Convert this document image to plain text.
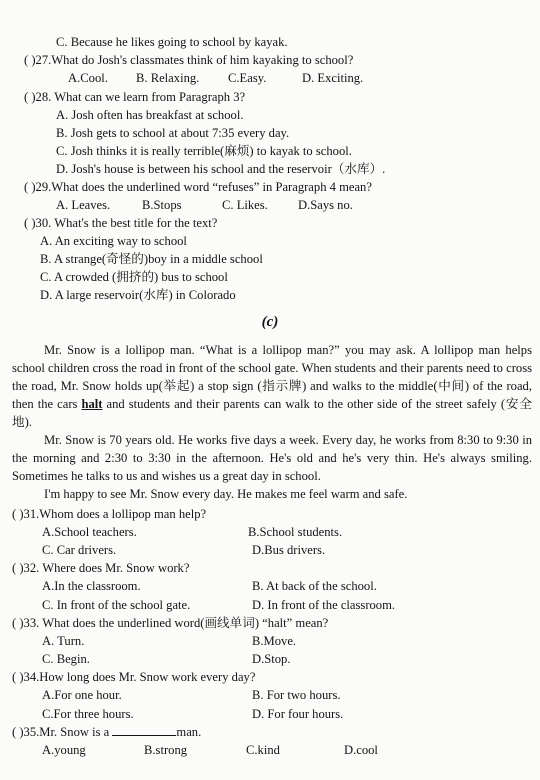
C. Because he likes going to school by kayak.
( )27.What do Josh's classmates think of him kayaking to school?
A.Cool. B. Relaxing. C.Easy.	D. Exciting.
( )28. What can we learn from Paragraph 3?
A. Josh often has breakfast at school.
B. Josh gets to school at about 7:35 every day.
C. Josh thinks it is really terrible(麻烦) to kayak to school.
D. Josh's house is between his school and the reservoir（水库）.
( )29.What does the underlined word “refuses” in Paragraph 4 mean?
A. Leaves.	B.Stops	C. Likes. D.Says no.
( )30. What's the best title for the text?
A. An exciting way to school
B. A strange(奇怪的)boy in a middle school
C. A crowded (拥挤的) bus to school
D. A large reservoir(水库) in Colorado
(c)

Mr. Snow is a lollipop man. “What is a lollipop man?” you may ask. A lollipop man helps school children cross the road in front of the school gate. When students and their parents need to cross the road, Mr. Snow holds up(举起) a stop sign (指示牌) and walks to the middle(中间) of the road, then the cars halt and students and their parents can walk to the other side of the street safely (安全地).

Mr. Snow is 70 years old. He works five days a week. Every day, he works from 8:30 to 9:30 in the morning and 2:30 to 3:30 in the afternoon. He's old and he's very thin. He's always smiling. Sometimes he talks to us and wishes us a great day in school.

I'm happy to see Mr. Snow every day. He makes me feel warm and safe.

( )31.Whom does a lollipop man help?
A.School teachers.	B.School students.
C. Car drivers.	D.Bus drivers.
( )32. Where does Mr. Snow work?
A.In the classroom.	B. At back of the school.
C. In front of the school gate.	D. In front of the classroom.
( )33. What does the underlined word(画线单词) “halt” mean?
A. Turn.	B.Move.
C. Begin.	D.Stop.
( )34.How long does Mr. Snow work every day?
A.For one hour.	B. For two hours.
C.For three hours.	D. For four hours.
( )35.Mr. Snow is a	man.
A.young	B.strong	C.kind	D.cool
